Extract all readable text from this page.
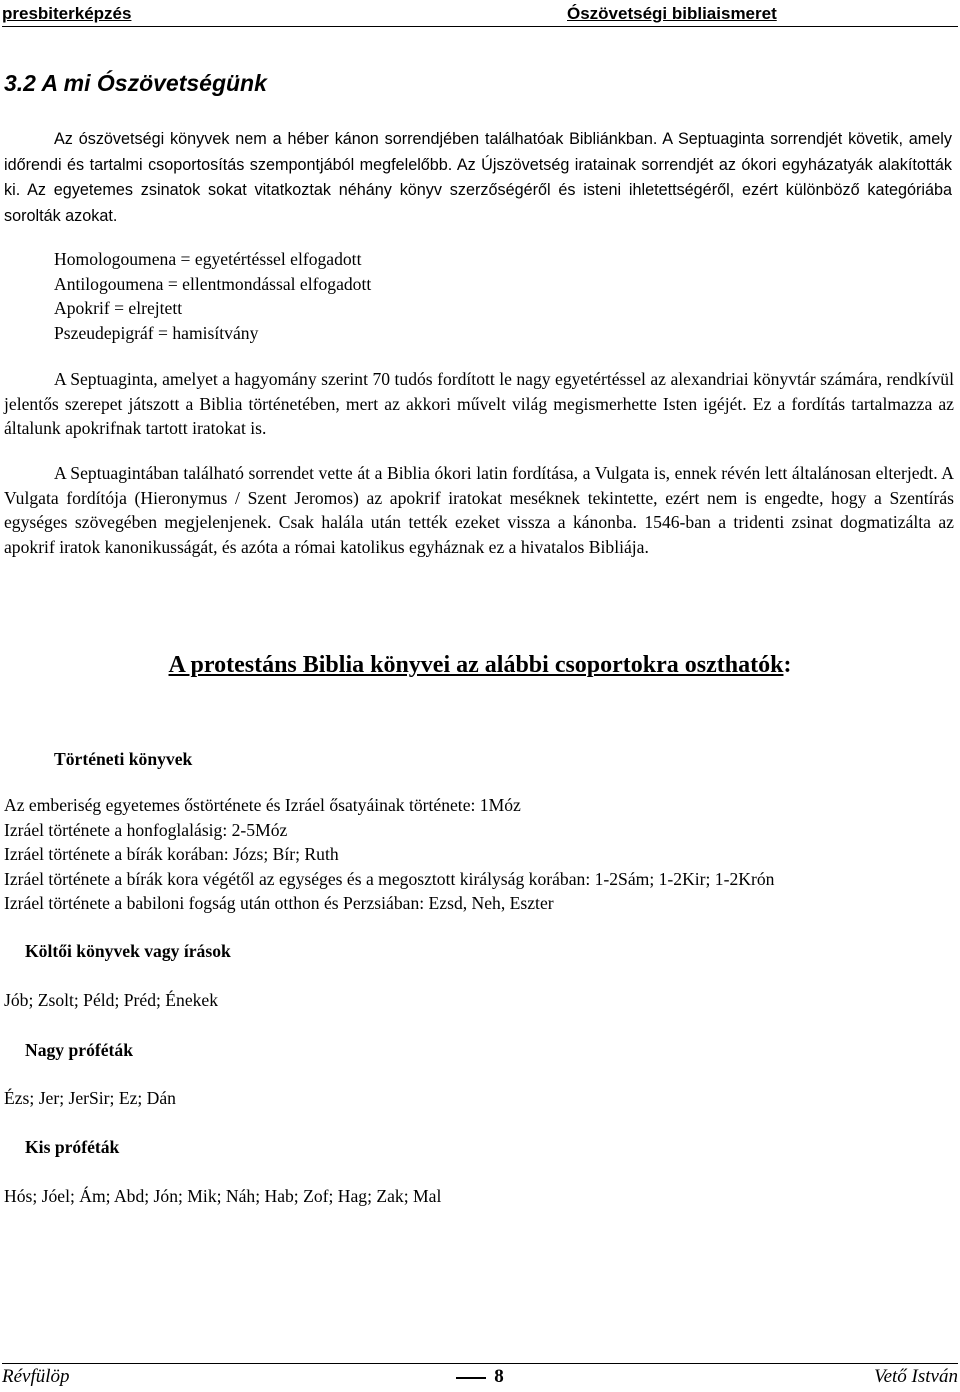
presbiterképzés	Ószövetségi bibliaismeret
3.2 A mi Ószövetségünk
Az ószövetségi könyvek nem a héber kánon sorrendjében találhatóak Bibliánkban. A Septuaginta sorrendjét követik, amely időrendi és tartalmi csoportosítás szempontjából megfelelőbb. Az Újszövetség iratainak sorrendjét az ókori egyházatyák alakították ki. Az egyetemes zsinatok sokat vitatkoztak néhány könyv szerzőségéről és isteni ihletettségéről, ezért különböző kategóriába sorolták azokat.
Homologoumena = egyetértéssel elfogadott
Antilogoumena = ellentmondással elfogadott
Apokrif = elrejtett
Pszeudepigráf = hamisítvány
A Septuaginta, amelyet a hagyomány szerint 70 tudós fordított le nagy egyetértéssel az alexandriai könyvtár számára, rendkívül jelentős szerepet játszott a Biblia történetében, mert az akkori művelt világ megismerhette Isten igéjét. Ez a fordítás tartalmazza az általunk apokrifnak tartott iratokat is.
A Septuagintában található sorrendet vette át a Biblia ókori latin fordítása, a Vulgata is, ennek révén lett általánosan elterjedt. A Vulgata fordítója (Hieronymus / Szent Jeromos) az apokrif iratokat meséknek tekintette, ezért nem is engedte, hogy a Szentírás egységes szövegében megjelenjenek. Csak halála után tették ezeket vissza a kánonba. 1546-ban a tridenti zsinat dogmatizálta az apokrif iratok kanonikusságát, és azóta a római katolikus egyháznak ez a hivatalos Bibliája.
A protestáns Biblia könyvei az alábbi csoportokra oszthatók:
Történeti könyvek
Az emberiség egyetemes őstörténete és Izráel ősatyáinak története: 1Móz
Izráel története a honfoglalásig: 2-5Móz
Izráel története a bírák korában: Józs; Bír; Ruth
Izráel története a bírák kora végétől az egységes és a megosztott királyság korában: 1-2Sám; 1-2Kir; 1-2Krón
Izráel története a babiloni fogság után otthon és Perzsiában: Ezsd, Neh, Eszter
Költői könyvek vagy írások
Jób; Zsolt; Péld; Préd; Énekek
Nagy próféták
Ézs; Jer; JerSir; Ez; Dán
Kis próféták
Hós; Jóel; Ám; Abd; Jón; Mik; Náh; Hab; Zof; Hag; Zak; Mal
Révfülöp	8	Vető István
